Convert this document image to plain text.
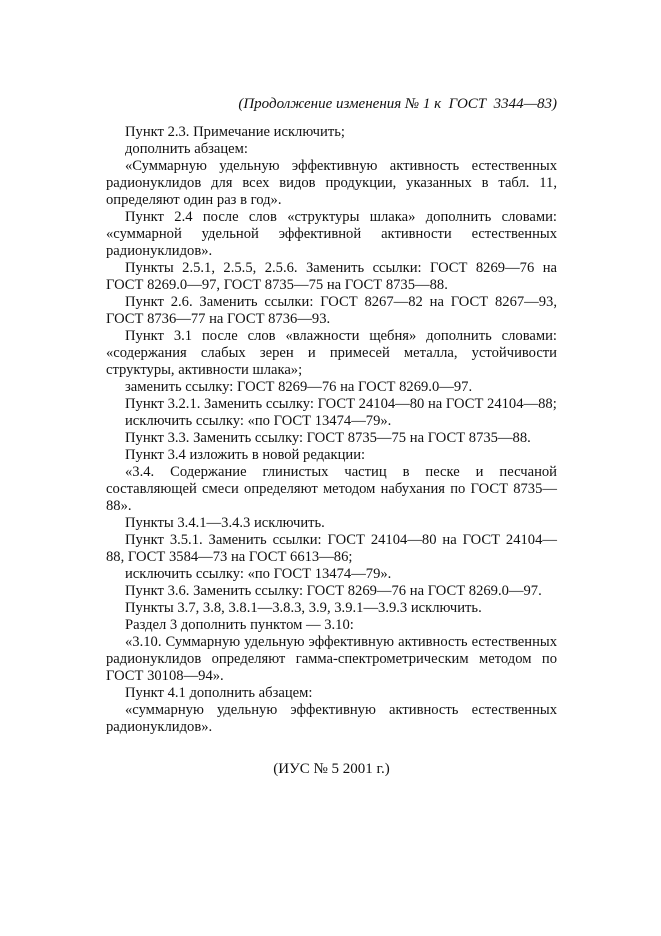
(Продолжение изменения № 1 к  ГОСТ  3344—83)

Пункт 2.3. Примечание исключить;

дополнить абзацем:

«Суммарную удельную эффективную активность естественных радионуклидов для всех видов продукции, указанных в табл. 11, определяют один раз в год».

Пункт 2.4 после слов «структуры шлака» дополнить словами: «суммарной удельной эффективной активности естественных радионуклидов».

Пункты 2.5.1, 2.5.5, 2.5.6. Заменить ссылки: ГОСТ 8269—76 на ГОСТ 8269.0—97, ГОСТ 8735—75 на ГОСТ 8735—88.

Пункт 2.6. Заменить ссылки: ГОСТ 8267—82 на ГОСТ 8267—93, ГОСТ 8736—77 на ГОСТ 8736—93.

Пункт 3.1 после слов «влажности щебня» дополнить словами: «содержания слабых зерен и примесей металла, устойчивости структуры, активности шлака»;

заменить ссылку: ГОСТ 8269—76 на ГОСТ 8269.0—97.

Пункт 3.2.1. Заменить ссылку: ГОСТ 24104—80 на ГОСТ 24104—88;

исключить ссылку: «по ГОСТ 13474—79».

Пункт 3.3. Заменить ссылку: ГОСТ 8735—75 на ГОСТ 8735—88.

Пункт 3.4 изложить в новой редакции:

«3.4. Содержание глинистых частиц в песке и песчаной составляющей смеси определяют методом набухания по ГОСТ 8735—88».

Пункты 3.4.1—3.4.3 исключить.

Пункт 3.5.1. Заменить ссылки: ГОСТ 24104—80 на ГОСТ 24104—88, ГОСТ 3584—73 на ГОСТ 6613—86;

исключить ссылку: «по ГОСТ 13474—79».

Пункт 3.6. Заменить ссылку: ГОСТ 8269—76 на ГОСТ 8269.0—97.

Пункты 3.7, 3.8, 3.8.1—3.8.3, 3.9, 3.9.1—3.9.3 исключить.

Раздел 3 дополнить пунктом — 3.10:

«3.10. Суммарную удельную эффективную активность естественных радионуклидов определяют гамма-спектрометрическим методом по ГОСТ 30108—94».

Пункт 4.1 дополнить абзацем:

«суммарную удельную эффективную активность естественных радионуклидов».

(ИУС № 5 2001 г.)
